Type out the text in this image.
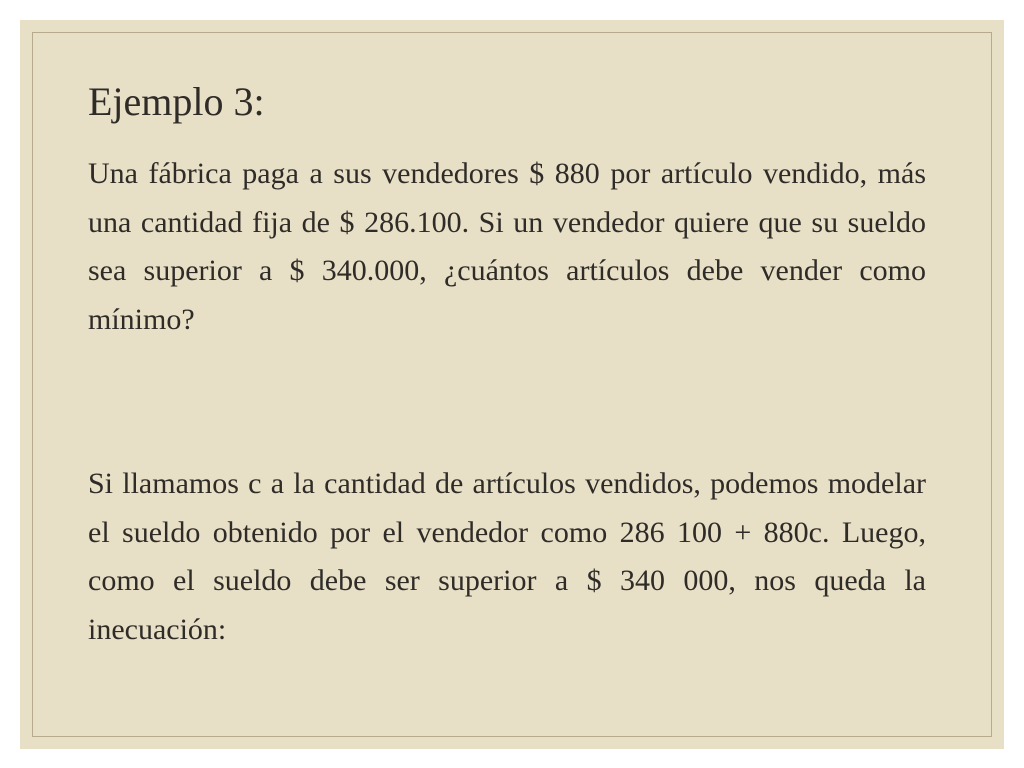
Ejemplo 3:

Una fábrica paga a sus vendedores $ 880 por artículo vendido, más una cantidad fija de $ 286.100. Si un vendedor quiere que su sueldo sea superior a $ 340.000, ¿cuántos artículos debe vender como mínimo?

Si llamamos c a la cantidad de artículos vendidos, podemos modelar el sueldo obtenido por el vendedor como 286 100 + 880c. Luego, como el sueldo debe ser superior a $ 340 000, nos queda la inecuación:
